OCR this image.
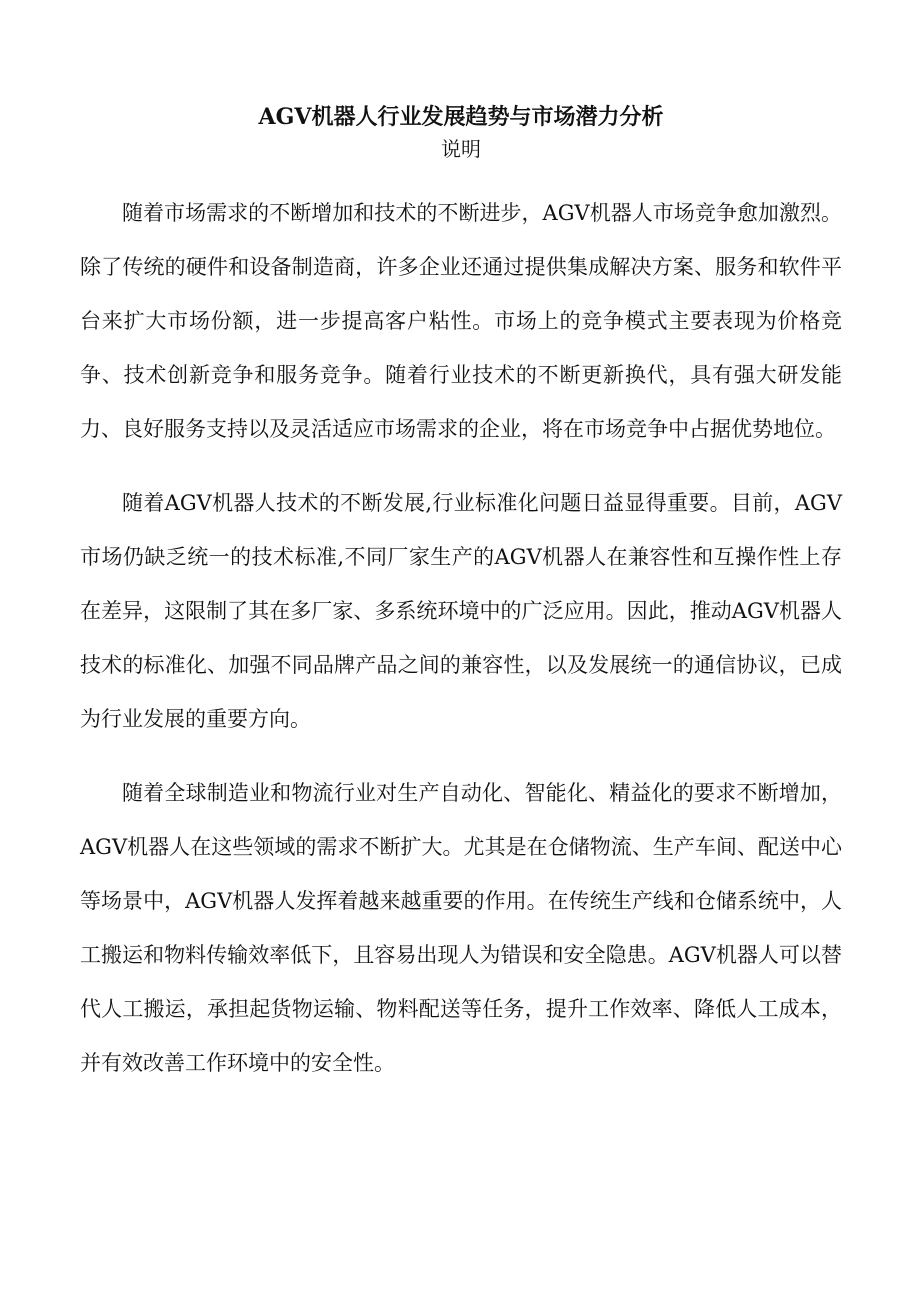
AGV机器人行业发展趋势与市场潜力分析
说明

随着市场需求的不断增加和技术的不断进步，AGV机器人市场竞争愈加激烈。除了传统的硬件和设备制造商，许多企业还通过提供集成解决方案、服务和软件平台来扩大市场份额，进一步提高客户粘性。市场上的竞争模式主要表现为价格竞争、技术创新竞争和服务竞争。随着行业技术的不断更新换代，具有强大研发能力、良好服务支持以及灵活适应市场需求的企业，将在市场竞争中占据优势地位。

随着AGV机器人技术的不断发展,行业标准化问题日益显得重要。目前，AGV市场仍缺乏统一的技术标准,不同厂家生产的AGV机器人在兼容性和互操作性上存在差异，这限制了其在多厂家、多系统环境中的广泛应用。因此，推动AGV机器人技术的标准化、加强不同品牌产品之间的兼容性，以及发展统一的通信协议，已成为行业发展的重要方向。

随着全球制造业和物流行业对生产自动化、智能化、精益化的要求不断增加，AGV机器人在这些领域的需求不断扩大。尤其是在仓储物流、生产车间、配送中心等场景中，AGV机器人发挥着越来越重要的作用。在传统生产线和仓储系统中，人工搬运和物料传输效率低下，且容易出现人为错误和安全隐患。AGV机器人可以替代人工搬运，承担起货物运输、物料配送等任务，提升工作效率、降低人工成本，并有效改善工作环境中的安全性。
